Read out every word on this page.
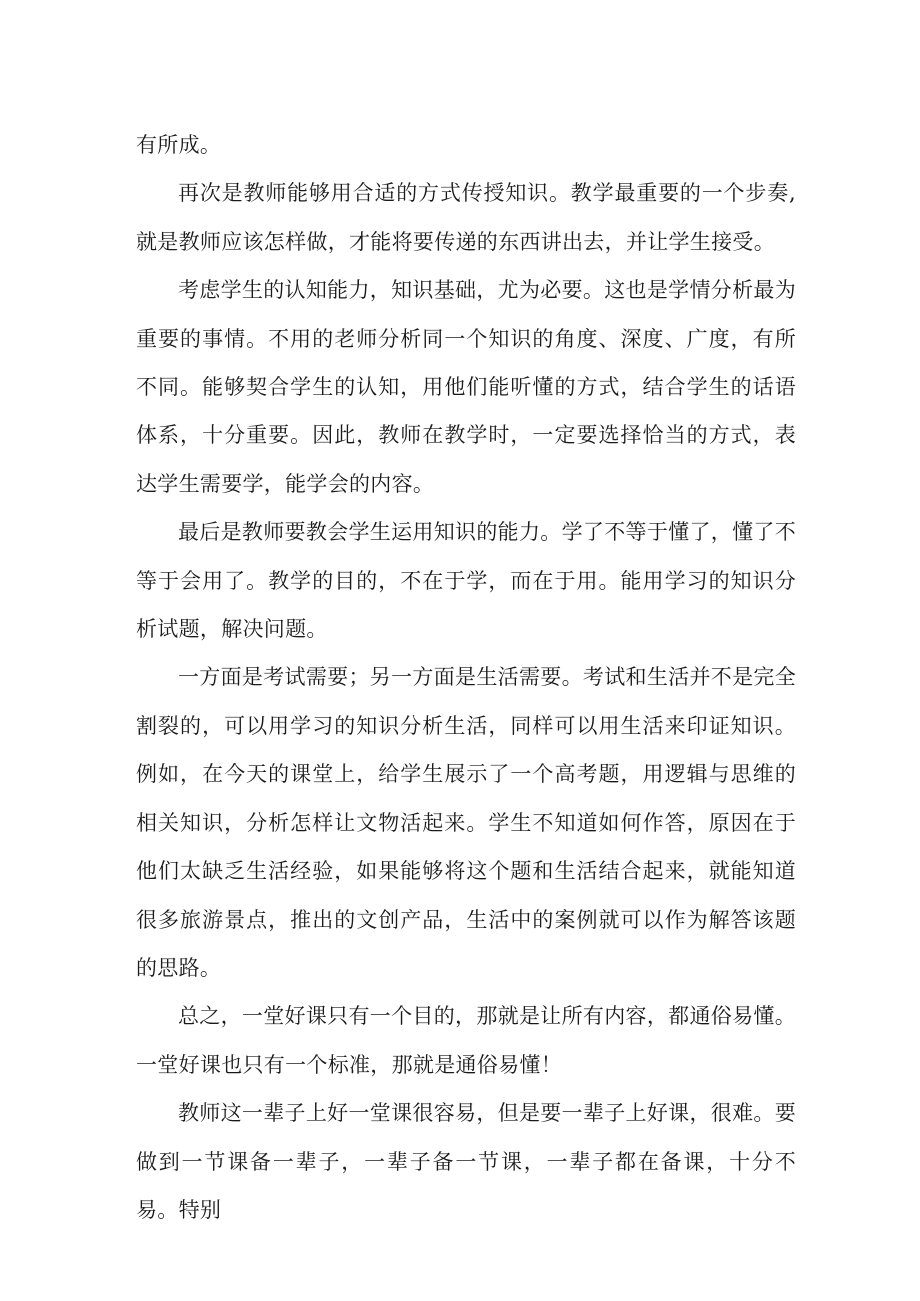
有所成。

再次是教师能够用合适的方式传授知识。教学最重要的一个步奏,就是教师应该怎样做，才能将要传递的东西讲出去，并让学生接受。

考虑学生的认知能力，知识基础，尤为必要。这也是学情分析最为重要的事情。不用的老师分析同一个知识的角度、深度、广度，有所不同。能够契合学生的认知，用他们能听懂的方式，结合学生的话语体系，十分重要。因此，教师在教学时，一定要选择恰当的方式，表达学生需要学，能学会的内容。

最后是教师要教会学生运用知识的能力。学了不等于懂了，懂了不等于会用了。教学的目的，不在于学，而在于用。能用学习的知识分析试题，解决问题。

一方面是考试需要；另一方面是生活需要。考试和生活并不是完全割裂的，可以用学习的知识分析生活，同样可以用生活来印证知识。例如，在今天的课堂上，给学生展示了一个高考题，用逻辑与思维的相关知识，分析怎样让文物活起来。学生不知道如何作答，原因在于他们太缺乏生活经验，如果能够将这个题和生活结合起来，就能知道很多旅游景点，推出的文创产品，生活中的案例就可以作为解答该题的思路。

总之，一堂好课只有一个目的，那就是让所有内容，都通俗易懂。一堂好课也只有一个标准，那就是通俗易懂！

教师这一辈子上好一堂课很容易，但是要一辈子上好课，很难。要做到一节课备一辈子，一辈子备一节课，一辈子都在备课，十分不易。特别
